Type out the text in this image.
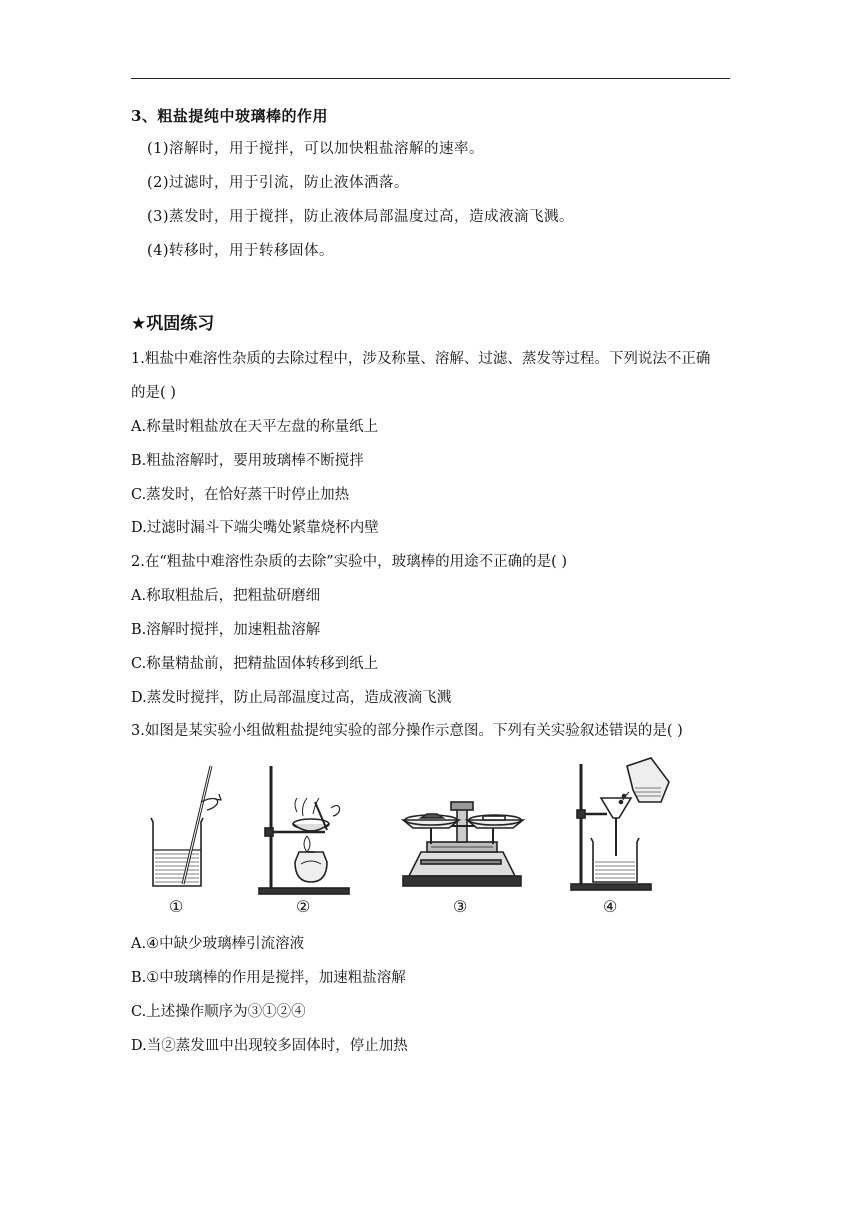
3、粗盐提纯中玻璃棒的作用
(1)溶解时，用于搅拌，可以加快粗盐溶解的速率。
(2)过滤时，用于引流，防止液体洒落。
(3)蒸发时，用于搅拌，防止液体局部温度过高，造成液滴飞溅。
(4)转移时，用于转移固体。
★巩固练习
1.粗盐中难溶性杂质的去除过程中，涉及称量、溶解、过滤、蒸发等过程。下列说法不正确
的是( )
A.称量时粗盐放在天平左盘的称量纸上
B.粗盐溶解时，要用玻璃棒不断搅拌
C.蒸发时，在恰好蒸干时停止加热
D.过滤时漏斗下端尖嘴处紧靠烧杯内壁
2.在“粗盐中难溶性杂质的去除”实验中，玻璃棒的用途不正确的是( )
A.称取粗盐后，把粗盐研磨细
B.溶解时搅拌，加速粗盐溶解
C.称量精盐前，把精盐固体转移到纸上
D.蒸发时搅拌，防止局部温度过高，造成液滴飞溅
3.如图是某实验小组做粗盐提纯实验的部分操作示意图。下列有关实验叙述错误的是( )
①	②	③	④
A.④中缺少玻璃棒引流溶液
B.①中玻璃棒的作用是搅拌，加速粗盐溶解
C.上述操作顺序为③①②④
D.当②蒸发皿中出现较多固体时，停止加热
